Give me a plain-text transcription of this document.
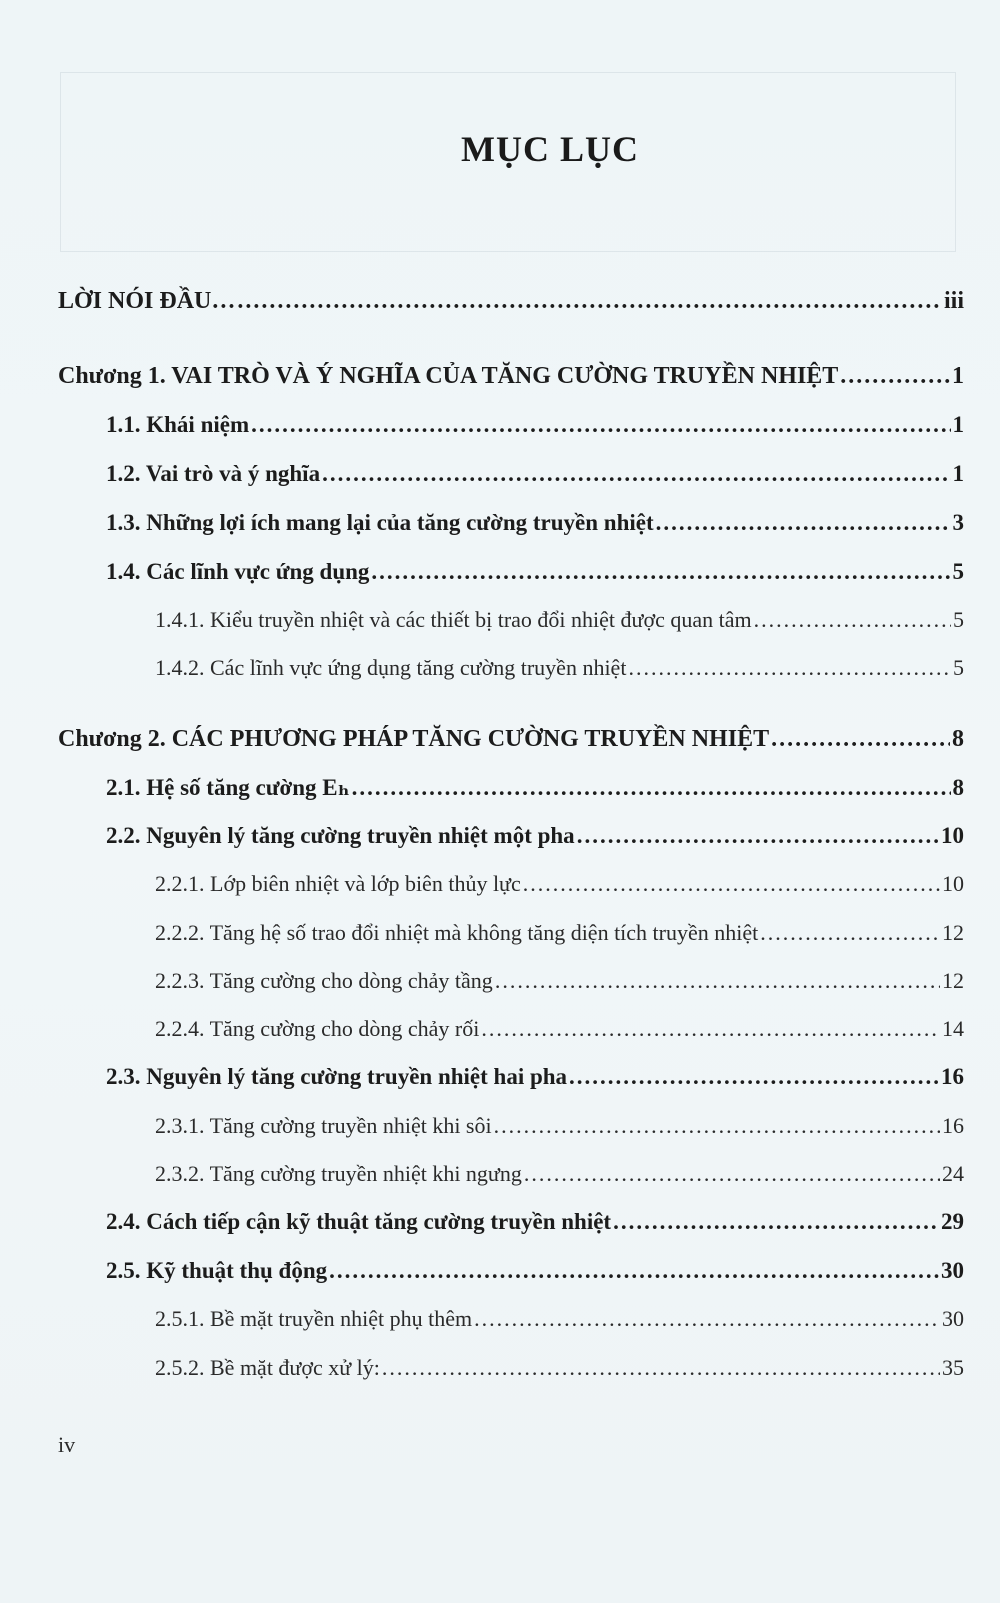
MỤC LỤC
LỜI NÓI ĐẦU… .....	iii
Chương 1. VAI TRÒ VÀ Ý NGHĨA CỦA TĂNG CƯỜNG TRUYỀN NHIỆT .....	1
1.1. Khái niệm .....	1
1.2. Vai trò và ý nghĩa .....	1
1.3. Những lợi ích mang lại của tăng cường truyền nhiệt .....	3
1.4. Các lĩnh vực ứng dụng .....	5
1.4.1. Kiểu truyền nhiệt và các thiết bị trao đổi nhiệt được quan tâm .....	5
1.4.2. Các lĩnh vực ứng dụng tăng cường truyền nhiệt .....	5
Chương 2. CÁC PHƯƠNG PHÁP TĂNG CƯỜNG TRUYỀN NHIỆT .....	8
2.1. Hệ số tăng cường Eₕ .....	8
2.2. Nguyên lý tăng cường truyền nhiệt một pha .....	10
2.2.1. Lớp biên nhiệt và lớp biên thủy lực .....	10
2.2.2. Tăng hệ số trao đổi nhiệt mà không tăng diện tích truyền nhiệt .....	12
2.2.3. Tăng cường cho dòng chảy tầng .....	12
2.2.4. Tăng cường cho dòng chảy rối .....	14
2.3. Nguyên lý tăng cường truyền nhiệt hai pha .....	16
2.3.1. Tăng cường truyền nhiệt khi sôi .....	16
2.3.2. Tăng cường truyền nhiệt khi ngưng .....	24
2.4. Cách tiếp cận kỹ thuật tăng cường truyền nhiệt .....	29
2.5. Kỹ thuật thụ động .....	30
2.5.1. Bề mặt truyền nhiệt phụ thêm .....	30
2.5.2. Bề mặt được xử lý: .....	35
iv
